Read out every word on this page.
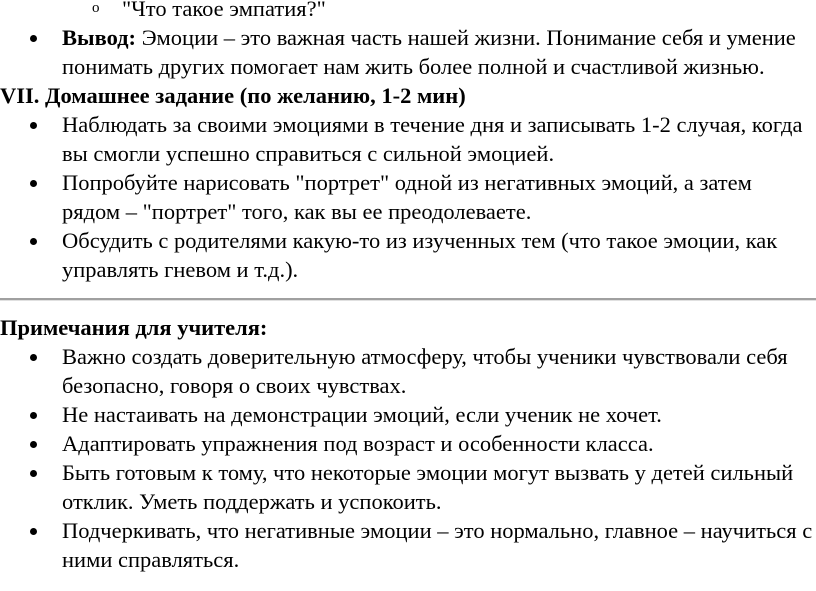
o "Что такое эмпатия?"
Вывод: Эмоции – это важная часть нашей жизни. Понимание себя и умение понимать других помогает нам жить более полной и счастливой жизнью.
VII. Домашнее задание (по желанию, 1-2 мин)
Наблюдать за своими эмоциями в течение дня и записывать 1-2 случая, когда вы смогли успешно справиться с сильной эмоцией.
Попробуйте нарисовать "портрет" одной из негативных эмоций, а затем рядом – "портрет" того, как вы ее преодолеваете.
Обсудить с родителями какую-то из изученных тем (что такое эмоции, как управлять гневом и т.д.).
Примечания для учителя:
Важно создать доверительную атмосферу, чтобы ученики чувствовали себя безопасно, говоря о своих чувствах.
Не настаивать на демонстрации эмоций, если ученик не хочет.
Адаптировать упражнения под возраст и особенности класса.
Быть готовым к тому, что некоторые эмоции могут вызвать у детей сильный отклик. Уметь поддержать и успокоить.
Подчеркивать, что негативные эмоции – это нормально, главное – научиться с ними справляться.
